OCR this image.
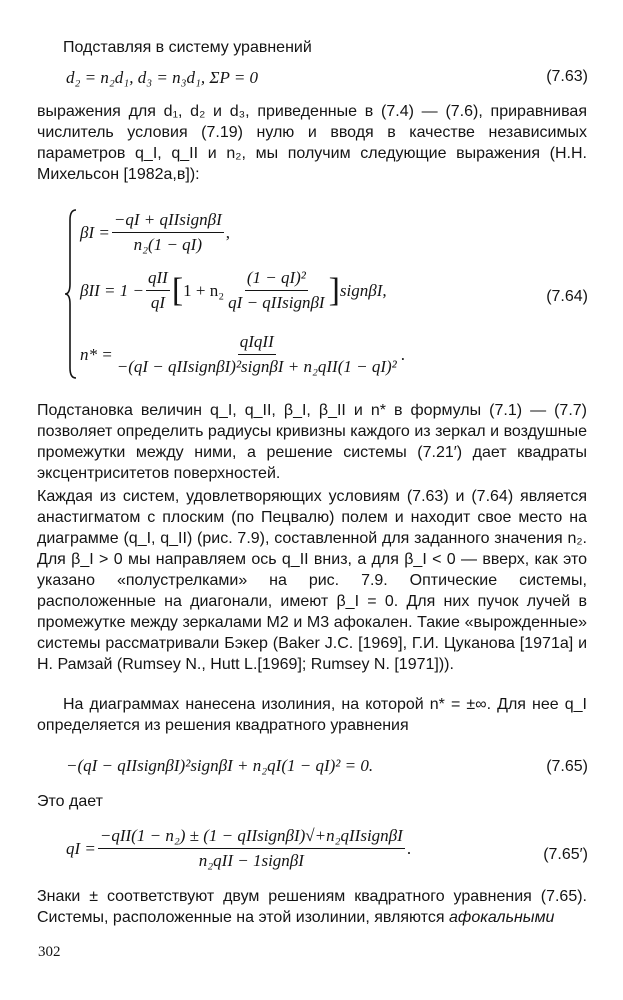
Подставляя в систему уравнений
d₂ = n₂d₁, d₃ = n₃d₁, ΣP = 0	(7.63)
выражения для d₁, d₂ и d₃, приведенные в (7.4) — (7.6), приравнивая числитель условия (7.19) нулю и вводя в качестве независимых параметров q_I, q_II и n₂, мы получим следующие выражения (Н.Н. Михельсон [1982а,в]):
$\beta I = \frac{\text{−qI + qIIsignβI}}{\text{n₂(1 − qI)}}$ ,
$\beta II = 1 - \frac{\text{qII}}{qI}$ [ $1 + n_2 \frac{\text{(1 − qI)²}}{\text{qI − qIIsignβI}}$ ] signβI,	(7.64)
$n* = \frac{\text{qIqII}}{\text{−(qI − qIIsignβI)²signβI + n₂qII(1 − qI)²}}$ .
Подстановка величин q_I, q_II, β_I, β_II и n* в формулы (7.1) — (7.7) позволяет определить радиусы кривизны каждого из зеркал и воздушные промежутки между ними, а решение системы (7.21′) дает квадраты эксцентриситетов поверхностей.
Каждая из систем, удовлетворяющих условиям (7.63) и (7.64) является анастигматом с плоским (по Пецвалю) полем и находит свое место на диаграмме (q_I, q_II) (рис. 7.9), составленной для заданного значения n₂. Для β_I > 0 мы направляем ось q_II вниз, а для β_I < 0 — вверх, как это указано «полустрелками» на рис. 7.9. Оптические системы, расположенные на диагонали, имеют β_I = 0. Для них пучок лучей в промежутке между зеркалами M2 и M3 афокален. Такие «вырожденные» системы рассматривали Бэкер (Baker J.C. [1969], Г.И. Цуканова [1971а] и Н. Рамзай (Rumsey N., Hutt L.[1969]; Rumsey N. [1971])).
На диаграммах нанесена изолиния, на которой n* = ±∞. Для нее q_I определяется из решения квадратного уравнения
−(qI − qIIsignβI)²signβI + n₂qI(1 − qI)² = 0.	(7.65)
Это дает
qI = $\frac{\text{−qII(1 − n₂) ± (1 − qIIsignβI)√+n₂qIIsignβI}}{\text{n₂qII − 1signβI}}$ .	(7.65′)
Знаки ± соответствуют двум решениям квадратного уравнения (7.65). Системы, расположенные на этой изолинии, являются афокальными
302
